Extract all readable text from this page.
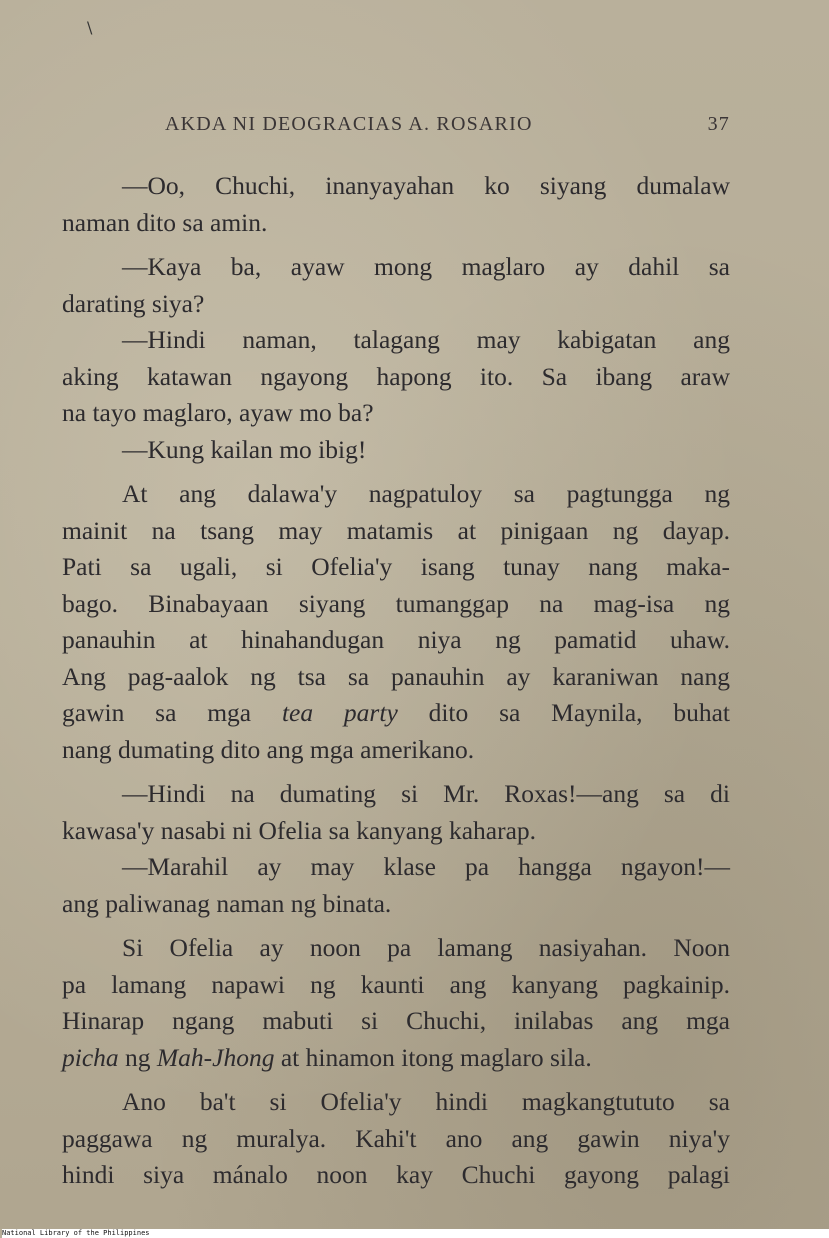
\
AKDA NI DEOGRACIAS A. ROSARIO	37
—Oo, Chuchi, inanyayahan ko siyang dumalaw
naman dito sa amin.
—Kaya ba, ayaw mong maglaro ay dahil sa
darating siya?
—Hindi naman, talagang may kabigatan ang
aking katawan ngayong hapong ito. Sa ibang araw
na tayo maglaro, ayaw mo ba?
—Kung kailan mo ibig!
At ang dalawa'y nagpatuloy sa pagtungga ng
mainit na tsang may matamis at pinigaan ng dayap.
Pati sa ugali, si Ofelia'y isang tunay nang maka-
bago. Binabayaan siyang tumanggap na mag-isa ng
panauhin at hinahandugan niya ng pamatid uhaw.
Ang pag-aalok ng tsa sa panauhin ay karaniwan nang
gawin sa mga tea party dito sa Maynila, buhat
nang dumating dito ang mga amerikano.
—Hindi na dumating si Mr. Roxas!—ang sa di
kawasa'y nasabi ni Ofelia sa kanyang kaharap.
—Marahil ay may klase pa hangga ngayon!—
ang paliwanag naman ng binata.
Si Ofelia ay noon pa lamang nasiyahan. Noon
pa lamang napawi ng kaunti ang kanyang pagkainip.
Hinarap ngang mabuti si Chuchi, inilabas ang mga
picha ng Mah-Jhong at hinamon itong maglaro sila.
Ano ba't si Ofelia'y hindi magkangtututo sa
paggawa ng muralya. Kahi't ano ang gawin niya'y
hindi siya mánalo noon kay Chuchi gayong palagi
National Library of the Philippines
